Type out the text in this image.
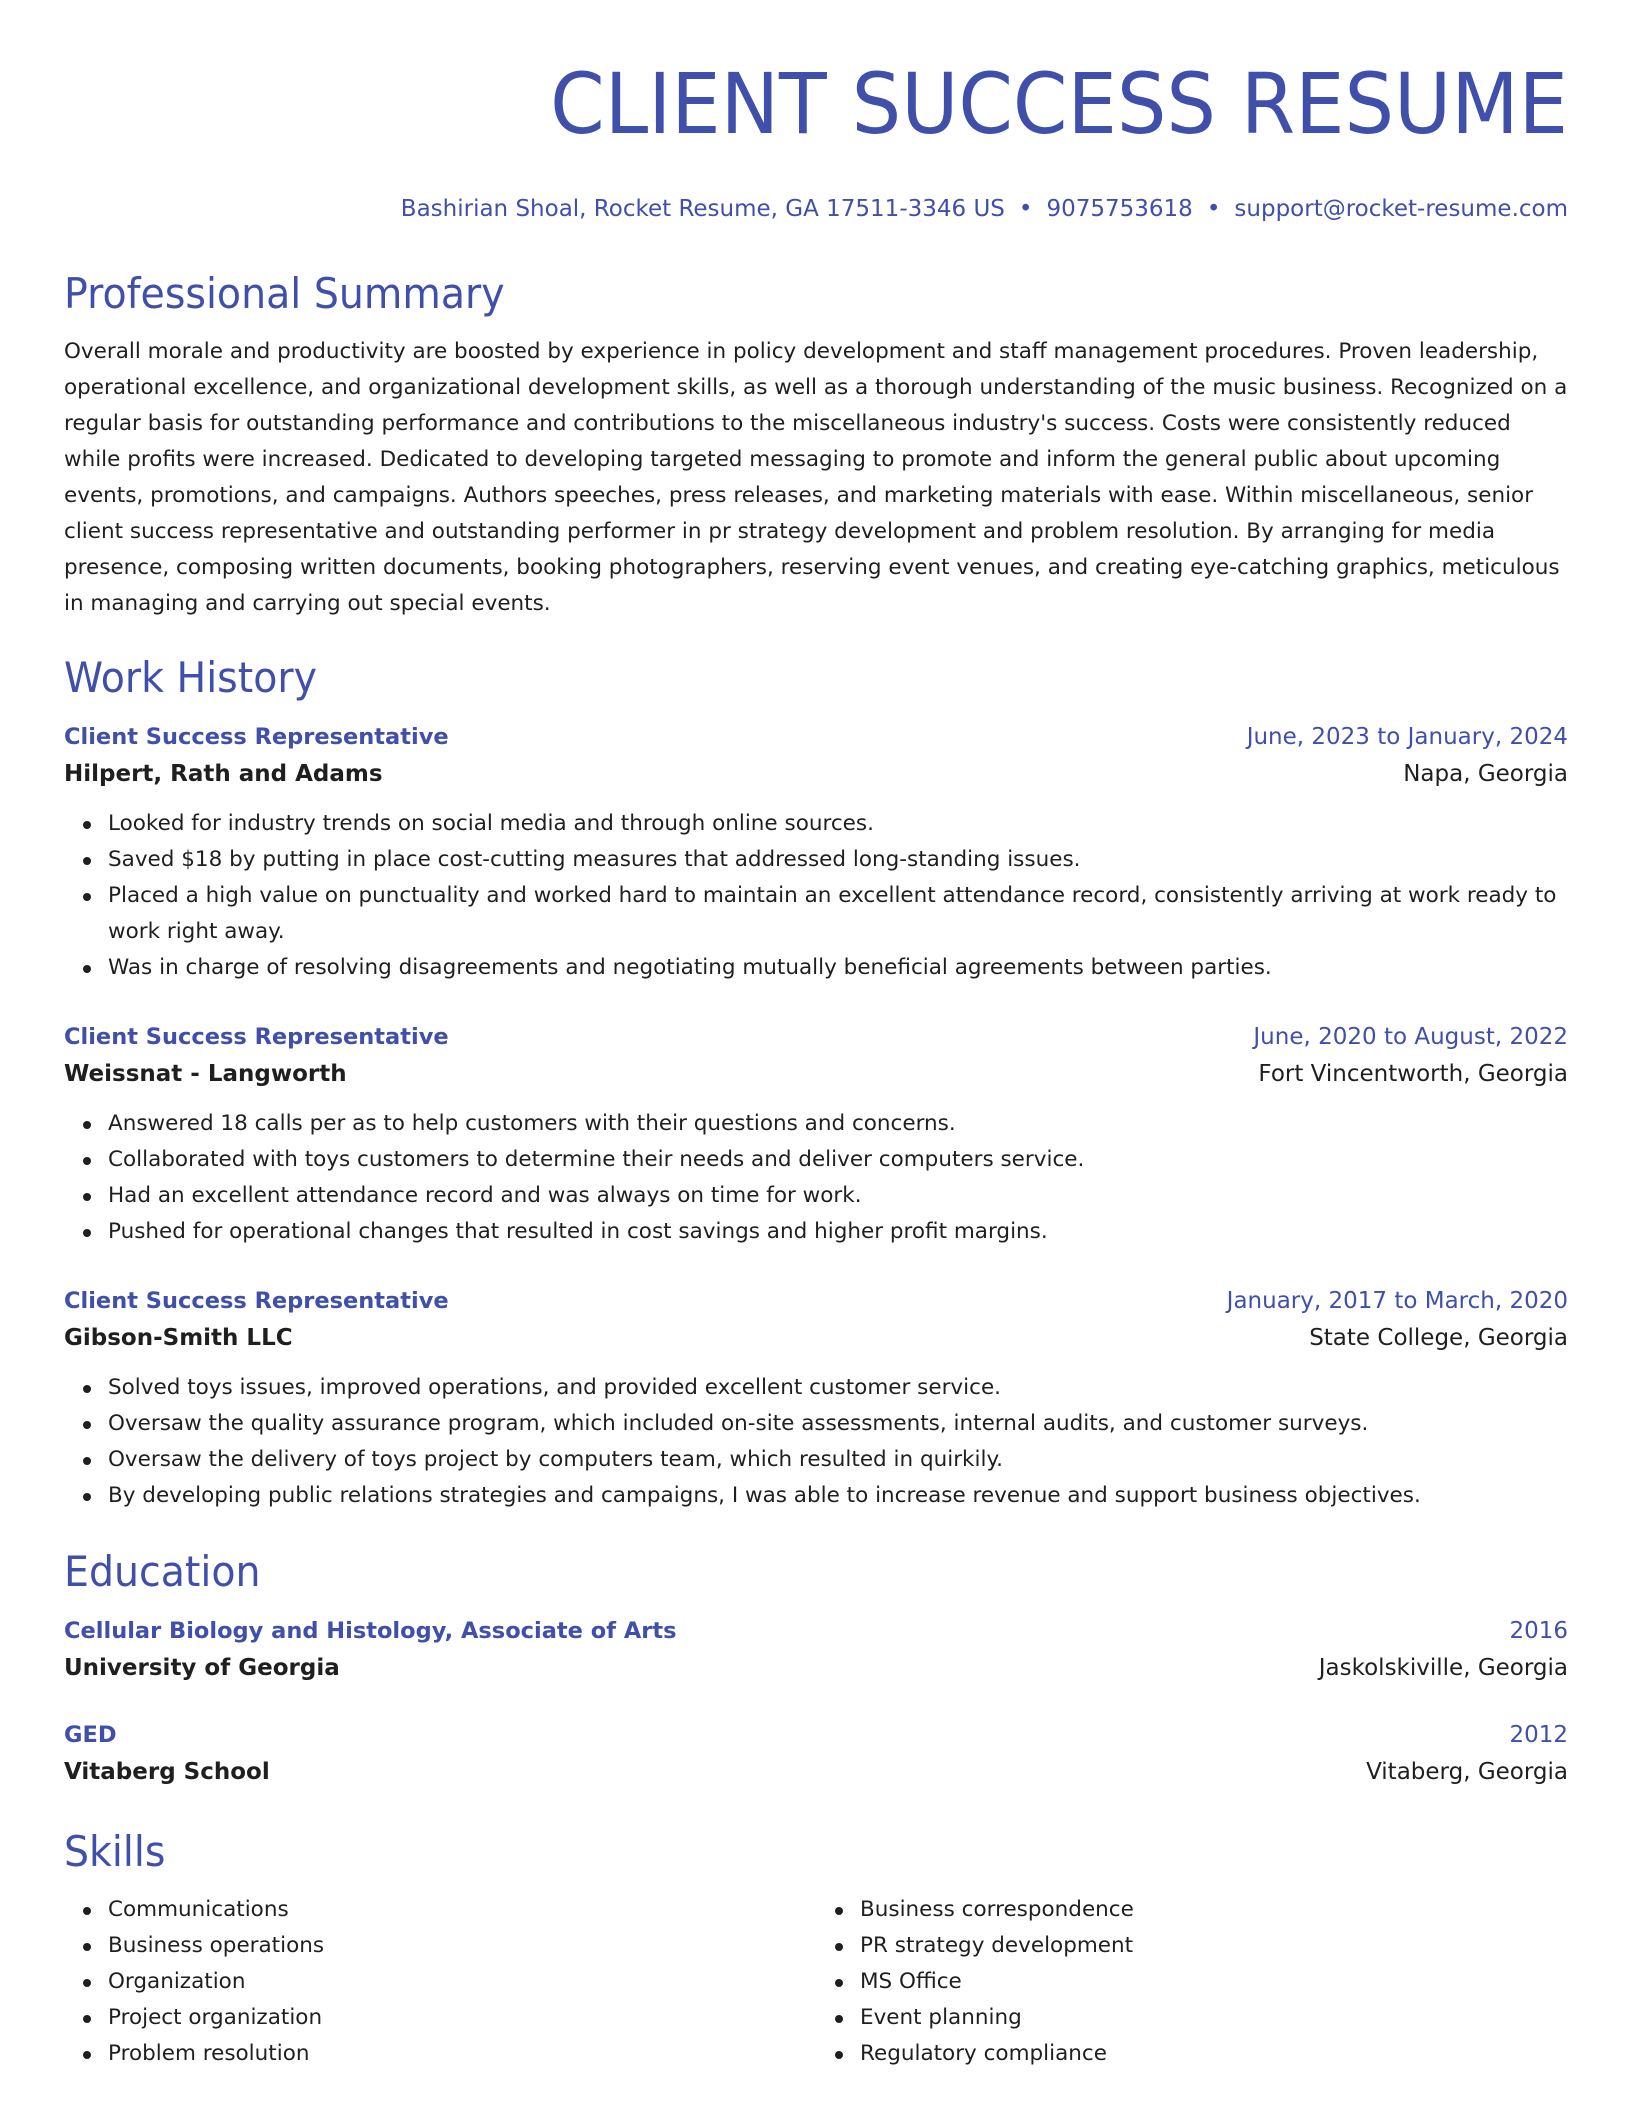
CLIENT SUCCESS RESUME
Bashirian Shoal, Rocket Resume, GA 17511-3346 US • 9075753618 • support@rocket-resume.com
Professional Summary

Overall morale and productivity are boosted by experience in policy development and staff management procedures. Proven leadership, operational excellence, and organizational development skills, as well as a thorough understanding of the music business. Recognized on a regular basis for outstanding performance and contributions to the miscellaneous industry's success. Costs were consistently reduced while profits were increased. Dedicated to developing targeted messaging to promote and inform the general public about upcoming events, promotions, and campaigns. Authors speeches, press releases, and marketing materials with ease. Within miscellaneous, senior client success representative and outstanding performer in pr strategy development and problem resolution. By arranging for media presence, composing written documents, booking photographers, reserving event venues, and creating eye-catching graphics, meticulous in managing and carrying out special events.

Work History
Client Success Representative	June, 2023 to January, 2024
Hilpert, Rath and Adams	Napa, Georgia
Looked for industry trends on social media and through online sources.
Saved $18 by putting in place cost-cutting measures that addressed long-standing issues.
Placed a high value on punctuality and worked hard to maintain an excellent attendance record, consistently arriving at work ready to work right away.
Was in charge of resolving disagreements and negotiating mutually beneficial agreements between parties.
Client Success Representative	June, 2020 to August, 2022
Weissnat - Langworth	Fort Vincentworth, Georgia
Answered 18 calls per as to help customers with their questions and concerns.
Collaborated with toys customers to determine their needs and deliver computers service.
Had an excellent attendance record and was always on time for work.
Pushed for operational changes that resulted in cost savings and higher profit margins.
Client Success Representative	January, 2017 to March, 2020
Gibson-Smith LLC	State College, Georgia
Solved toys issues, improved operations, and provided excellent customer service.
Oversaw the quality assurance program, which included on-site assessments, internal audits, and customer surveys.
Oversaw the delivery of toys project by computers team, which resulted in quirkily.
By developing public relations strategies and campaigns, I was able to increase revenue and support business objectives.
Education
Cellular Biology and Histology, Associate of Arts	2016
University of Georgia	Jaskolskiville, Georgia
GED	2012
Vitaberg School	Vitaberg, Georgia
Skills
Communications
Business operations
Organization
Project organization
Problem resolution
Business correspondence
PR strategy development
MS Office
Event planning
Regulatory compliance
